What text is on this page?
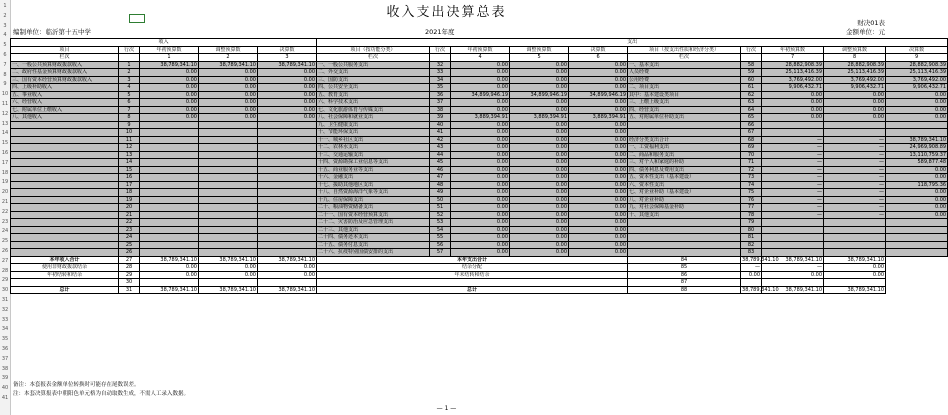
1
2
3
4
5
6
7
8
9
10
11
12
13
14
15
16
17
18
19
20
21
22
23
24
25
26
27
28
29
30
31
32
33
34
35
36
37
38
39
40
41
收入支出决算总表
财决01表
编制单位：临沂第十五中学	2021年度	金额单位：元
收入					支出									
项目	行次	年初预算数	调整预算数	决算数	项目（按功能分类）	行次	年初预算数	调整预算数	决算数	项目（按支出性质和经济分类）	行次	年初预算数	调整预算数	决算数
栏次		1	2	3	栏次		4	5	6	栏次		7	8	9
一、一般公共预算财政拨款收入	1	38,789,341.10	38,789,341.10	38,789,341.10	一、一般公共服务支出	32	0.00	0.00	0.00	一、基本支出	58	28,882,908.39	28,882,908.39	28,882,908.39
二、政府性基金预算财政拨款收入	2	0.00	0.00	0.00	二、外交支出	33	0.00	0.00	0.00	人员经费	59	25,113,416.39	25,113,416.39	25,113,416.39
三、国有资本经营预算财政拨款收入	3	0.00	0.00	0.00	三、国防支出	34	0.00	0.00	0.00	公用经费	60	3,769,492.00	3,769,492.00	3,769,492.00
四、上级补助收入	4	0.00	0.00	0.00	四、公共安全支出	35	0.00	0.00	0.00	二、项目支出	61	9,906,432.71	9,906,432.71	9,906,432.71
五、事业收入	5	0.00	0.00	0.00	五、教育支出	36	34,899,946.19	34,899,946.19	34,899,946.19	其中：基本建设类项目	62	0.00	0.00	0.00
六、经营收入	6	0.00	0.00	0.00	六、科学技术支出	37	0.00	0.00	0.00	三、上缴上级支出	63	0.00	0.00	0.00
七、附属单位上缴收入	7	0.00	0.00	0.00	七、文化旅游体育与传媒支出	38	0.00	0.00	0.00	四、经营支出	64	0.00	0.00	0.00
八、其他收入	8	0.00	0.00	0.00	八、社会保障和就业支出	39	3,889,394.91	3,889,394.91	3,889,394.91	五、对附属单位补助支出	65	0.00	0.00	0.00
	9				九、卫生健康支出	40	0.00	0.00	0.00		66			
	10				十、节能环保支出	41	0.00	0.00	0.00		67			
	11				十一、城乡社区支出	42	0.00	0.00	0.00	经济分类支出合计	68	—	—	38,789,341.10
	12				十二、农林水支出	43	0.00	0.00	0.00	一、工资福利支出	69	—	—	24,969,908.89
	13				十三、交通运输支出	44	0.00	0.00	0.00	二、商品和服务支出	70	—	—	13,110,759.37
	14				十四、资源勘探工业信息等支出	45	0.00	0.00	0.00	三、对个人和家庭的补助	71	—	—	589,877.48
	15				十五、商业服务业等支出	46	0.00	0.00	0.00	四、债务利息及费用支出	72	—	—	0.00
	16				十六、金融支出	47	0.00	0.00	0.00	五、资本性支出（基本建设）	73	—	—	0.00
	17				十七、援助其他地区支出	48	0.00	0.00	0.00	六、资本性支出	74	—	—	118,795.36
	18				十八、自然资源海洋气象等支出	49	0.00	0.00	0.00	七、对企业补助（基本建设）	75	—	—	0.00
	19				十九、住房保障支出	50	0.00	0.00	0.00	八、对企业补助	76	—	—	0.00
	20				二十、粮油物资储备支出	51	0.00	0.00	0.00	九、对社会保障基金补助	77	—	—	0.00
	21				二十一、国有资本经营预算支出	52	0.00	0.00	0.00	十、其他支出	78	—	—	0.00
	22				二十二、灾害防治及应急管理支出	53	0.00	0.00	0.00		79			
	23				二十三、其他支出	54	0.00	0.00	0.00		80			
	24				二十四、债务还本支出	55	0.00	0.00	0.00		81			
	25				二十五、债务付息支出	56	0.00	0.00	0.00		82			
	26				二十六、抗疫特别国债安排的支出	57	0.00	0.00	0.00		83			
本年收入合计	27	38,789,341.10	38,789,341.10	38,789,341.10	本年支出合计					84	38,789,341.10	38,789,341.10	38,789,341.10	
使用非财政拨款结余	28	0.00	0.00	0.00	结余分配					85	—	—	0.00	
年初结转和结余	29	0.00	0.00	0.00	年末结转和结余					86	0.00	0.00	0.00	
	30									87				
总计	31	38,789,341.10	38,789,341.10	38,789,341.10	总计					88	38,789,341.10	38,789,341.10	38,789,341.10	
备注：本套报表金额单位转换时可能存在尾数误差。
注：本套决算报表中朝阳色单元格为自动取数生成，不需人工录入数据。
— 1 —
